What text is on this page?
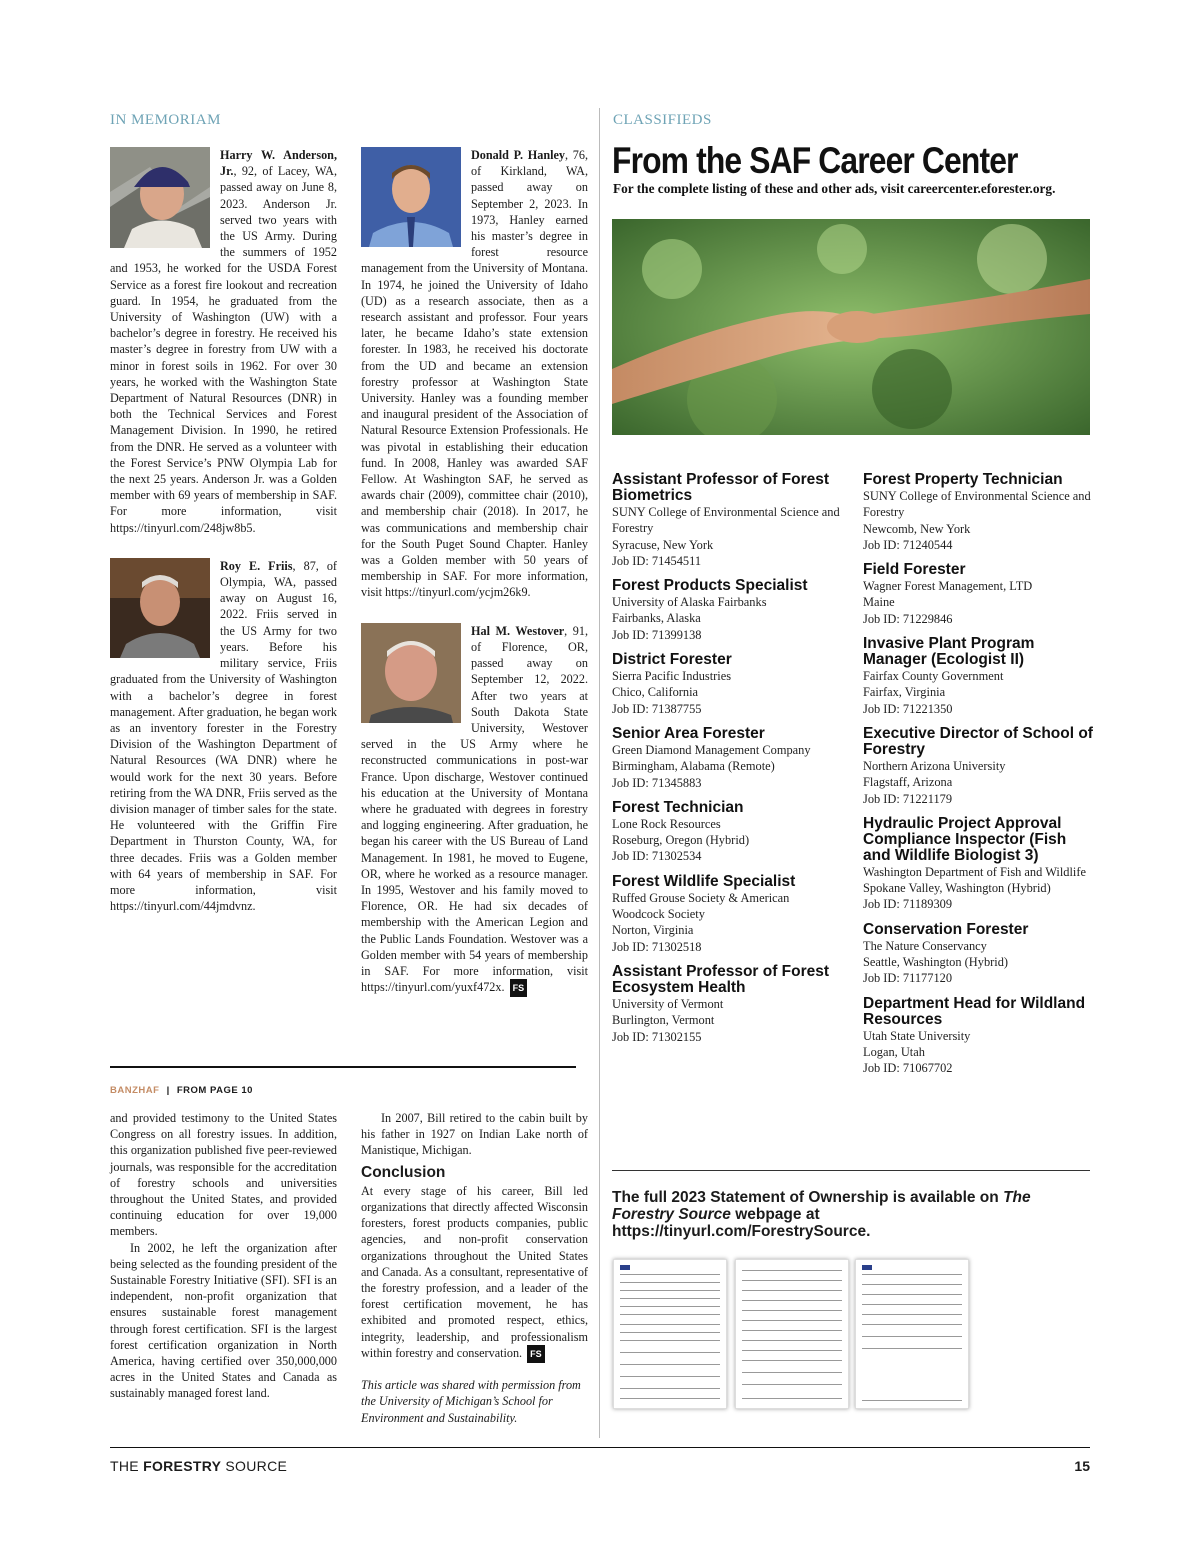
IN MEMORIAM

Harry W. Anderson, Jr., 92, of Lacey, WA, passed away on June 8, 2023. Anderson Jr. served two years with the US Army. During the summers of 1952 and 1953, he worked for the USDA Forest Service as a forest fire lookout and recreation guard. In 1954, he graduated from the University of Washington (UW) with a bachelor’s degree in forestry. He received his master’s degree in forestry from UW with a minor in forest soils in 1962. For over 30 years, he worked with the Washington State Department of Natural Resources (DNR) in both the Technical Services and Forest Management Division. In 1990, he retired from the DNR. He served as a volunteer with the Forest Service’s PNW Olympia Lab for the next 25 years. Anderson Jr. was a Golden member with 69 years of membership in SAF. For more information, visit https://tinyurl.com/248jw8b5.

Roy E. Friis, 87, of Olympia, WA, passed away on August 16, 2022. Friis served in the US Army for two years. Before his military service, Friis graduated from the University of Washington with a bachelor’s degree in forest management. After graduation, he began work as an inventory forester in the Forestry Division of the Washington Department of Natural Resources (WA DNR) where he would work for the next 30 years. Before retiring from the WA DNR, Friis served as the division manager of timber sales for the state. He volunteered with the Griffin Fire Department in Thurston County, WA, for three decades. Friis was a Golden member with 64 years of membership in SAF. For more information, visit https://tinyurl.com/44jmdvnz.

Donald P. Hanley, 76, of Kirkland, WA, passed away on September 2, 2023. In 1973, Hanley earned his master’s degree in forest resource management from the University of Montana. In 1974, he joined the University of Idaho (UD) as a research associate, then as a research assistant and professor. Four years later, he became Idaho’s state extension forester. In 1983, he received his doctorate from the UD and became an extension forestry professor at Washington State University. Hanley was a founding member and inaugural president of the Association of Natural Resource Extension Professionals. He was pivotal in establishing their education fund. In 2008, Hanley was awarded SAF Fellow. At Washington SAF, he served as awards chair (2009), committee chair (2010), and membership chair (2018). In 2017, he was communications and membership chair for the South Puget Sound Chapter. Hanley was a Golden member with 50 years of membership in SAF. For more information, visit https://tinyurl.com/ycjm26k9.

Hal M. Westover, 91, of Florence, OR, passed away on September 12, 2022. After two years at South Dakota State University, Westover served in the US Army where he reconstructed communications in post-war France. Upon discharge, Westover continued his education at the University of Montana where he graduated with degrees in forestry and logging engineering. After graduation, he began his career with the US Bureau of Land Management. In 1981, he moved to Eugene, OR, where he worked as a resource manager. In 1995, Westover and his family moved to Florence, OR. He had six decades of membership with the American Legion and the Public Lands Foundation. Westover was a Golden member with 54 years of membership in SAF. For more information, visit https://tinyurl.com/yuxf472x. FS

BANZHAF | FROM PAGE 10

and provided testimony to the United States Congress on all forestry issues. In addition, this organization published five peer-reviewed journals, was responsible for the accreditation of forestry schools and universities throughout the United States, and provided continuing education for over 19,000 members.

In 2002, he left the organization after being selected as the founding president of the Sustainable Forestry Initiative (SFI). SFI is an independent, non-profit organization that ensures sustainable forest management through forest certification. SFI is the largest forest certification organization in North America, having certified over 350,000,000 acres in the United States and Canada as sustainably managed forest land.

In 2007, Bill retired to the cabin built by his father in 1927 on Indian Lake north of Manistique, Michigan.

Conclusion

At every stage of his career, Bill led organizations that directly affected Wisconsin foresters, forest products companies, public agencies, and non-profit conservation organizations throughout the United States and Canada. As a consultant, representative of the forestry profession, and a leader of the forest certification movement, he has exhibited and promoted respect, ethics, integrity, leadership, and professionalism within forestry and conservation. FS

This article was shared with permission from the University of Michigan’s School for Environment and Sustainability.

CLASSIFIEDS
From the SAF Career Center
For the complete listing of these and other ads, visit careercenter.eforester.org.
Assistant Professor of Forest Biometrics
SUNY College of Environmental Science and Forestry
Syracuse, New York
Job ID: 71454511
Forest Products Specialist
University of Alaska Fairbanks
Fairbanks, Alaska
Job ID: 71399138
District Forester
Sierra Pacific Industries
Chico, California
Job ID: 71387755
Senior Area Forester
Green Diamond Management Company
Birmingham, Alabama (Remote)
Job ID: 71345883
Forest Technician
Lone Rock Resources
Roseburg, Oregon (Hybrid)
Job ID: 71302534
Forest Wildlife Specialist
Ruffed Grouse Society & American Woodcock Society
Norton, Virginia
Job ID: 71302518
Assistant Professor of Forest Ecosystem Health
University of Vermont
Burlington, Vermont
Job ID: 71302155
Forest Property Technician
SUNY College of Environmental Science and Forestry
Newcomb, New York
Job ID: 71240544
Field Forester
Wagner Forest Management, LTD
Maine
Job ID: 71229846
Invasive Plant Program Manager (Ecologist II)
Fairfax County Government
Fairfax, Virginia
Job ID: 71221350
Executive Director of School of Forestry
Northern Arizona University
Flagstaff, Arizona
Job ID: 71221179
Hydraulic Project Approval Compliance Inspector (Fish and Wildlife Biologist 3)
Washington Department of Fish and Wildlife
Spokane Valley, Washington (Hybrid)
Job ID: 71189309
Conservation Forester
The Nature Conservancy
Seattle, Washington (Hybrid)
Job ID: 71177120
Department Head for Wildland Resources
Utah State University
Logan, Utah
Job ID: 71067702
The full 2023 Statement of Ownership is available on The Forestry Source webpage at https://tinyurl.com/ForestrySource.
THE FORESTRY SOURCE	15
